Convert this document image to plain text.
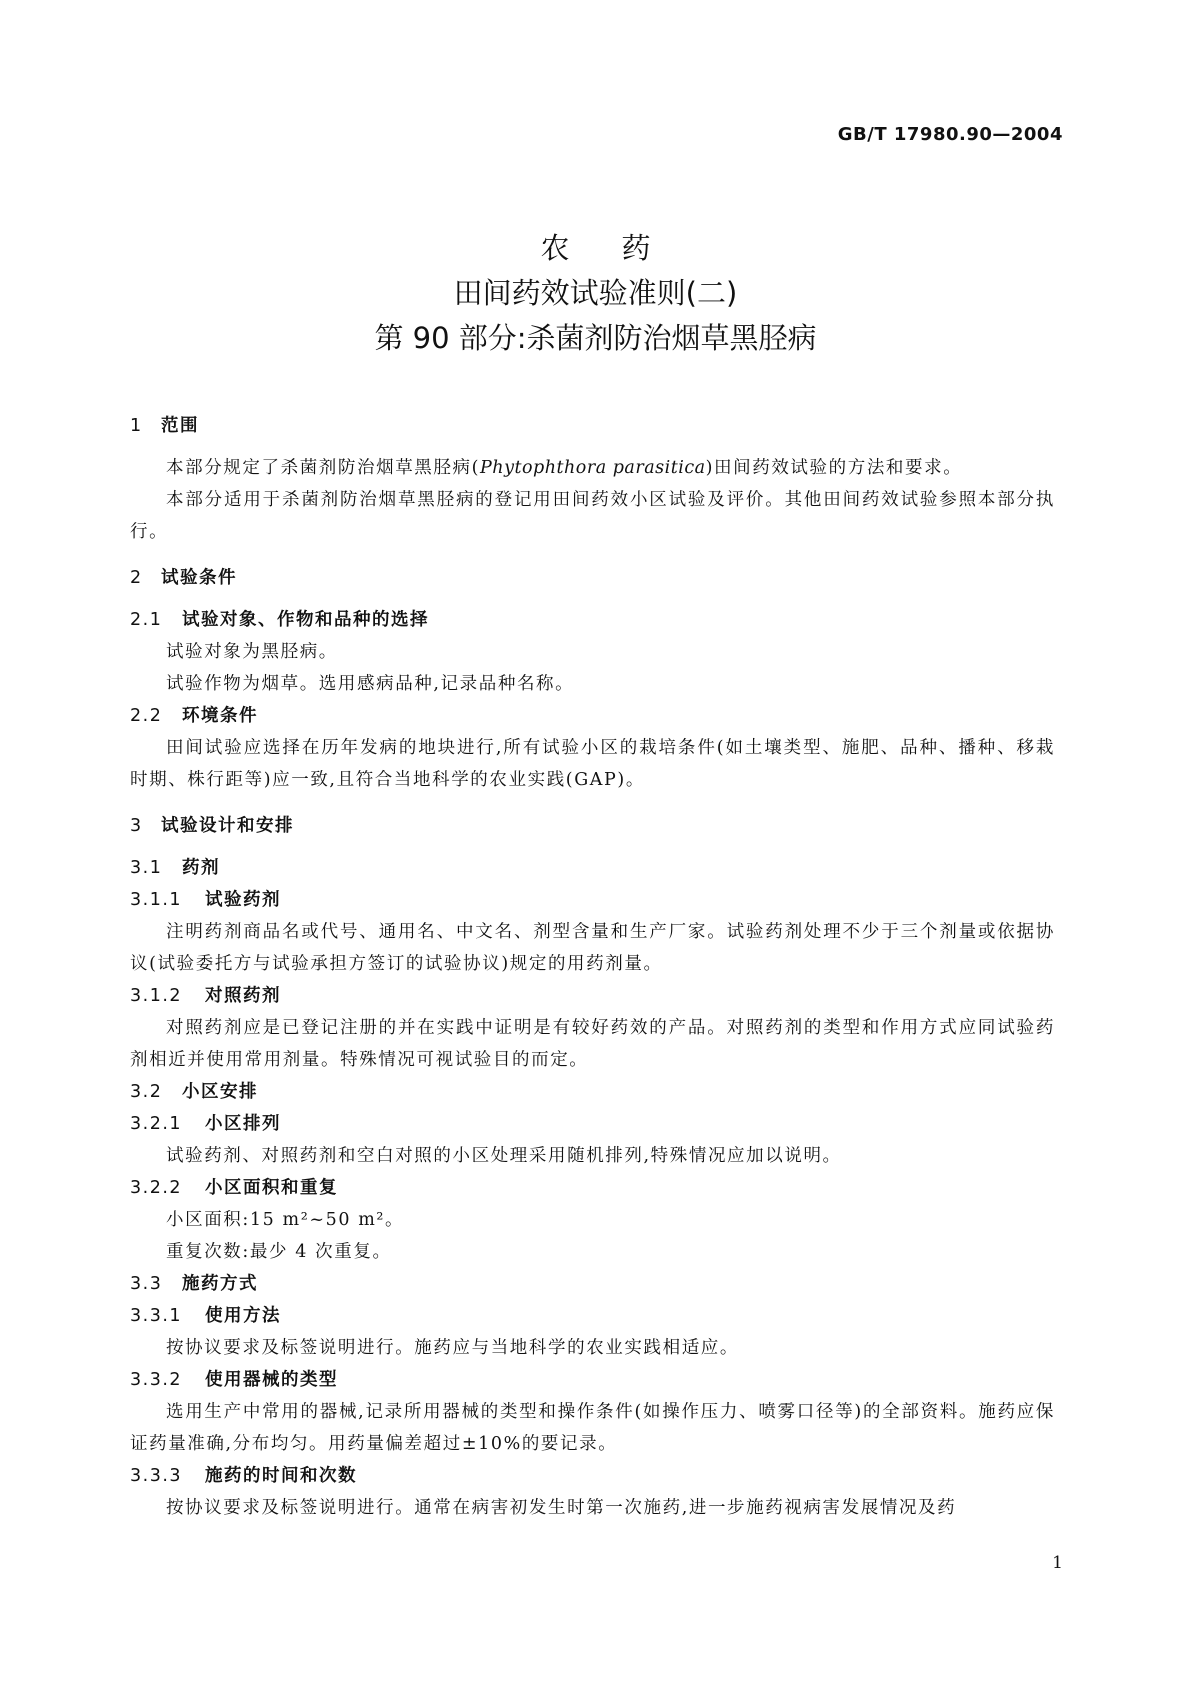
GB/T 17980.90—2004
农药
田间药效试验准则(二)
第 90 部分:杀菌剂防治烟草黑胫病
1 范围

本部分规定了杀菌剂防治烟草黑胫病(Phytophthora parasitica)田间药效试验的方法和要求。

本部分适用于杀菌剂防治烟草黑胫病的登记用田间药效小区试验及评价。其他田间药效试验参照本部分执行。

2 试验条件
2.1 试验对象、作物和品种的选择

试验对象为黑胫病。

试验作物为烟草。选用感病品种,记录品种名称。

2.2 环境条件

田间试验应选择在历年发病的地块进行,所有试验小区的栽培条件(如土壤类型、施肥、品种、播种、移栽时期、株行距等)应一致,且符合当地科学的农业实践(GAP)。

3 试验设计和安排
3.1 药剂
3.1.1 试验药剂

注明药剂商品名或代号、通用名、中文名、剂型含量和生产厂家。试验药剂处理不少于三个剂量或依据协议(试验委托方与试验承担方签订的试验协议)规定的用药剂量。

3.1.2 对照药剂

对照药剂应是已登记注册的并在实践中证明是有较好药效的产品。对照药剂的类型和作用方式应同试验药剂相近并使用常用剂量。特殊情况可视试验目的而定。

3.2 小区安排
3.2.1 小区排列

试验药剂、对照药剂和空白对照的小区处理采用随机排列,特殊情况应加以说明。

3.2.2 小区面积和重复

小区面积:15 m²~50 m²。

重复次数:最少 4 次重复。

3.3 施药方式
3.3.1 使用方法

按协议要求及标签说明进行。施药应与当地科学的农业实践相适应。

3.3.2 使用器械的类型

选用生产中常用的器械,记录所用器械的类型和操作条件(如操作压力、喷雾口径等)的全部资料。施药应保证药量准确,分布均匀。用药量偏差超过±10%的要记录。

3.3.3 施药的时间和次数

按协议要求及标签说明进行。通常在病害初发生时第一次施药,进一步施药视病害发展情况及药

1
